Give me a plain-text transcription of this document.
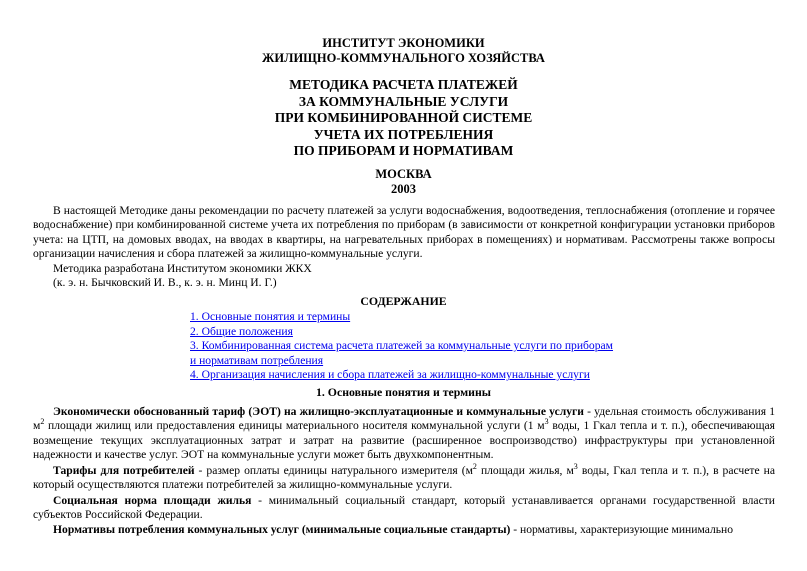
ИНСТИТУТ ЭКОНОМИКИ
ЖИЛИЩНО-КОММУНАЛЬНОГО ХОЗЯЙСТВА
МЕТОДИКА РАСЧЕТА ПЛАТЕЖЕЙ
ЗА КОММУНАЛЬНЫЕ УСЛУГИ
ПРИ КОМБИНИРОВАННОЙ СИСТЕМЕ
УЧЕТА ИХ ПОТРЕБЛЕНИЯ
ПО ПРИБОРАМ И НОРМАТИВАМ
МОСКВА
2003
В настоящей Методике даны рекомендации по расчету платежей за услуги водоснабжения, водоотведения, теплоснабжения (отопление и горячее водоснабжение) при комбинированной системе учета их потребления по приборам (в зависимости от конкретной конфигурации установки приборов учета: на ЦТП, на домовых вводах, на вводах в квартиры, на нагревательных приборах в помещениях) и нормативам. Рассмотрены также вопросы организации начисления и сбора платежей за жилищно-коммунальные услуги.
Методика разработана Институтом экономики ЖКХ
(к. э. н. Бычковский И. В., к. э. н. Минц И. Г.)
СОДЕРЖАНИЕ
1. Основные понятия и термины
2. Общие положения
3. Комбинированная система расчета платежей за коммунальные услуги по приборам
и нормативам потребления
4. Организация начисления и сбора платежей за жилищно-коммунальные услуги
1. Основные понятия и термины
Экономически обоснованный тариф (ЭОТ) на жилищно-эксплуатационные и коммунальные услуги - удельная стоимость обслуживания 1 $м^2$ площади жилищ или предоставления единицы материального носителя коммунальной услуги (1 $м^3$ воды, 1 Гкал тепла и т. п.), обеспечивающая возмещение текущих эксплуатационных затрат и затрат на развитие (расширенное воспроизводство) инфраструктуры при установленной надежности и качестве услуг. ЭОТ на коммунальные услуги может быть двухкомпонентным.
Тарифы для потребителей - размер оплаты единицы натурального измерителя ($м^2$ площади жилья, $м^3$ воды, Гкал тепла и т. п.), в расчете на который осуществляются платежи потребителей за жилищно-коммунальные услуги.
Социальная норма площади жилья - минимальный социальный стандарт, который устанавливается органами государственной власти субъектов Российской Федерации.
Нормативы потребления коммунальных услуг (минимальные социальные стандарты) - нормативы, характеризующие минимально
